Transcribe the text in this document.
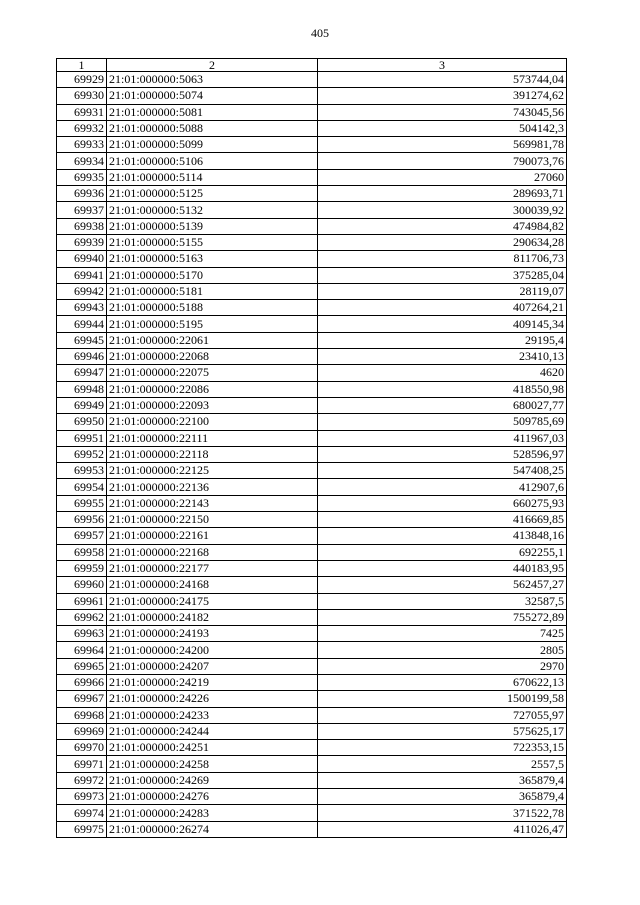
405
1	2	3
69929	21:01:000000:5063	573744,04
69930	21:01:000000:5074	391274,62
69931	21:01:000000:5081	743045,56
69932	21:01:000000:5088	504142,3
69933	21:01:000000:5099	569981,78
69934	21:01:000000:5106	790073,76
69935	21:01:000000:5114	27060
69936	21:01:000000:5125	289693,71
69937	21:01:000000:5132	300039,92
69938	21:01:000000:5139	474984,82
69939	21:01:000000:5155	290634,28
69940	21:01:000000:5163	811706,73
69941	21:01:000000:5170	375285,04
69942	21:01:000000:5181	28119,07
69943	21:01:000000:5188	407264,21
69944	21:01:000000:5195	409145,34
69945	21:01:000000:22061	29195,4
69946	21:01:000000:22068	23410,13
69947	21:01:000000:22075	4620
69948	21:01:000000:22086	418550,98
69949	21:01:000000:22093	680027,77
69950	21:01:000000:22100	509785,69
69951	21:01:000000:22111	411967,03
69952	21:01:000000:22118	528596,97
69953	21:01:000000:22125	547408,25
69954	21:01:000000:22136	412907,6
69955	21:01:000000:22143	660275,93
69956	21:01:000000:22150	416669,85
69957	21:01:000000:22161	413848,16
69958	21:01:000000:22168	692255,1
69959	21:01:000000:22177	440183,95
69960	21:01:000000:24168	562457,27
69961	21:01:000000:24175	32587,5
69962	21:01:000000:24182	755272,89
69963	21:01:000000:24193	7425
69964	21:01:000000:24200	2805
69965	21:01:000000:24207	2970
69966	21:01:000000:24219	670622,13
69967	21:01:000000:24226	1500199,58
69968	21:01:000000:24233	727055,97
69969	21:01:000000:24244	575625,17
69970	21:01:000000:24251	722353,15
69971	21:01:000000:24258	2557,5
69972	21:01:000000:24269	365879,4
69973	21:01:000000:24276	365879,4
69974	21:01:000000:24283	371522,78
69975	21:01:000000:26274	411026,47
